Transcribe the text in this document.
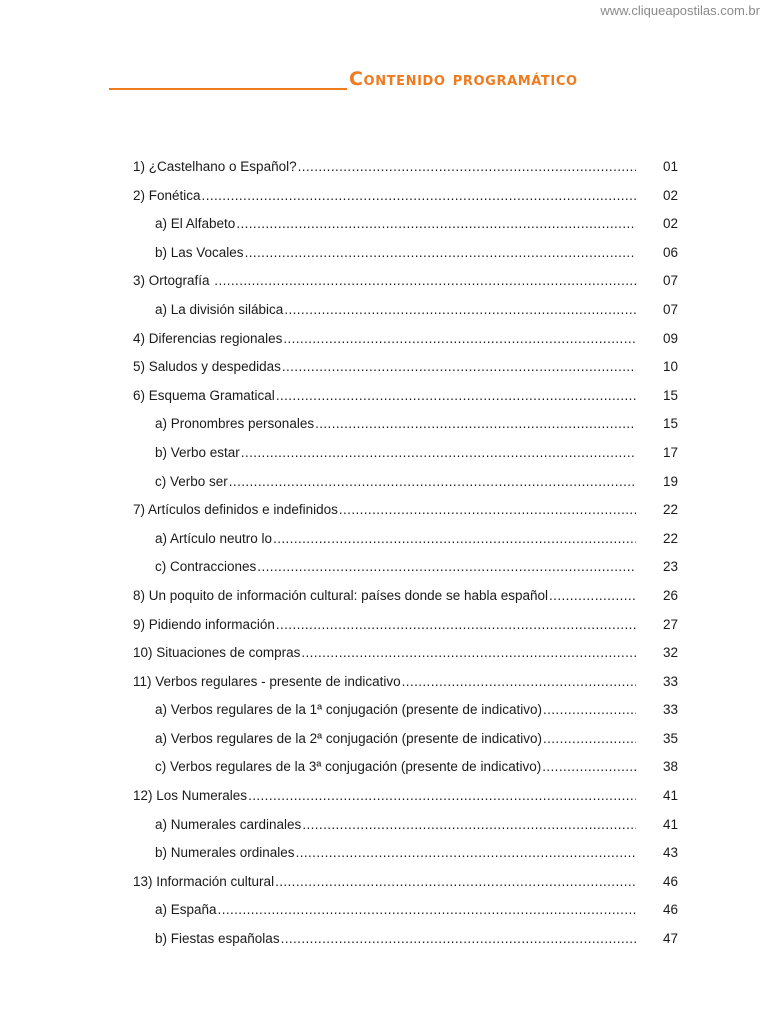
www.cliqueapostilas.com.br
Contenido programático
1) ¿Castelhano o Español? .....	01
2) Fonética .....	02
a) El Alfabeto .....	02
b) Las Vocales .....	06
3) Ortografía .....	07
a) La división silábica .....	07
4) Diferencias regionales .....	09
5) Saludos y despedidas .....	10
6) Esquema Gramatical .....	15
a) Pronombres personales .....	15
b) Verbo estar .....	17
c) Verbo ser .....	19
7) Artículos definidos e indefinidos .....	22
a) Artículo neutro lo .....	22
c) Contracciones .....	23
8) Un poquito de información cultural: países donde se habla español .....	26
9) Pidiendo información .....	27
10) Situaciones de compras .....	32
11) Verbos regulares - presente de indicativo .....	33
a) Verbos regulares de la 1ª conjugación (presente de indicativo) .....	33
a) Verbos regulares de la 2ª conjugación (presente de indicativo) .....	35
c) Verbos regulares de la 3ª conjugación (presente de indicativo) .....	38
12) Los Numerales .....	41
a) Numerales cardinales .....	41
b) Numerales ordinales .....	43
13) Información cultural .....	46
a) España .....	46
b) Fiestas españolas .....	47
